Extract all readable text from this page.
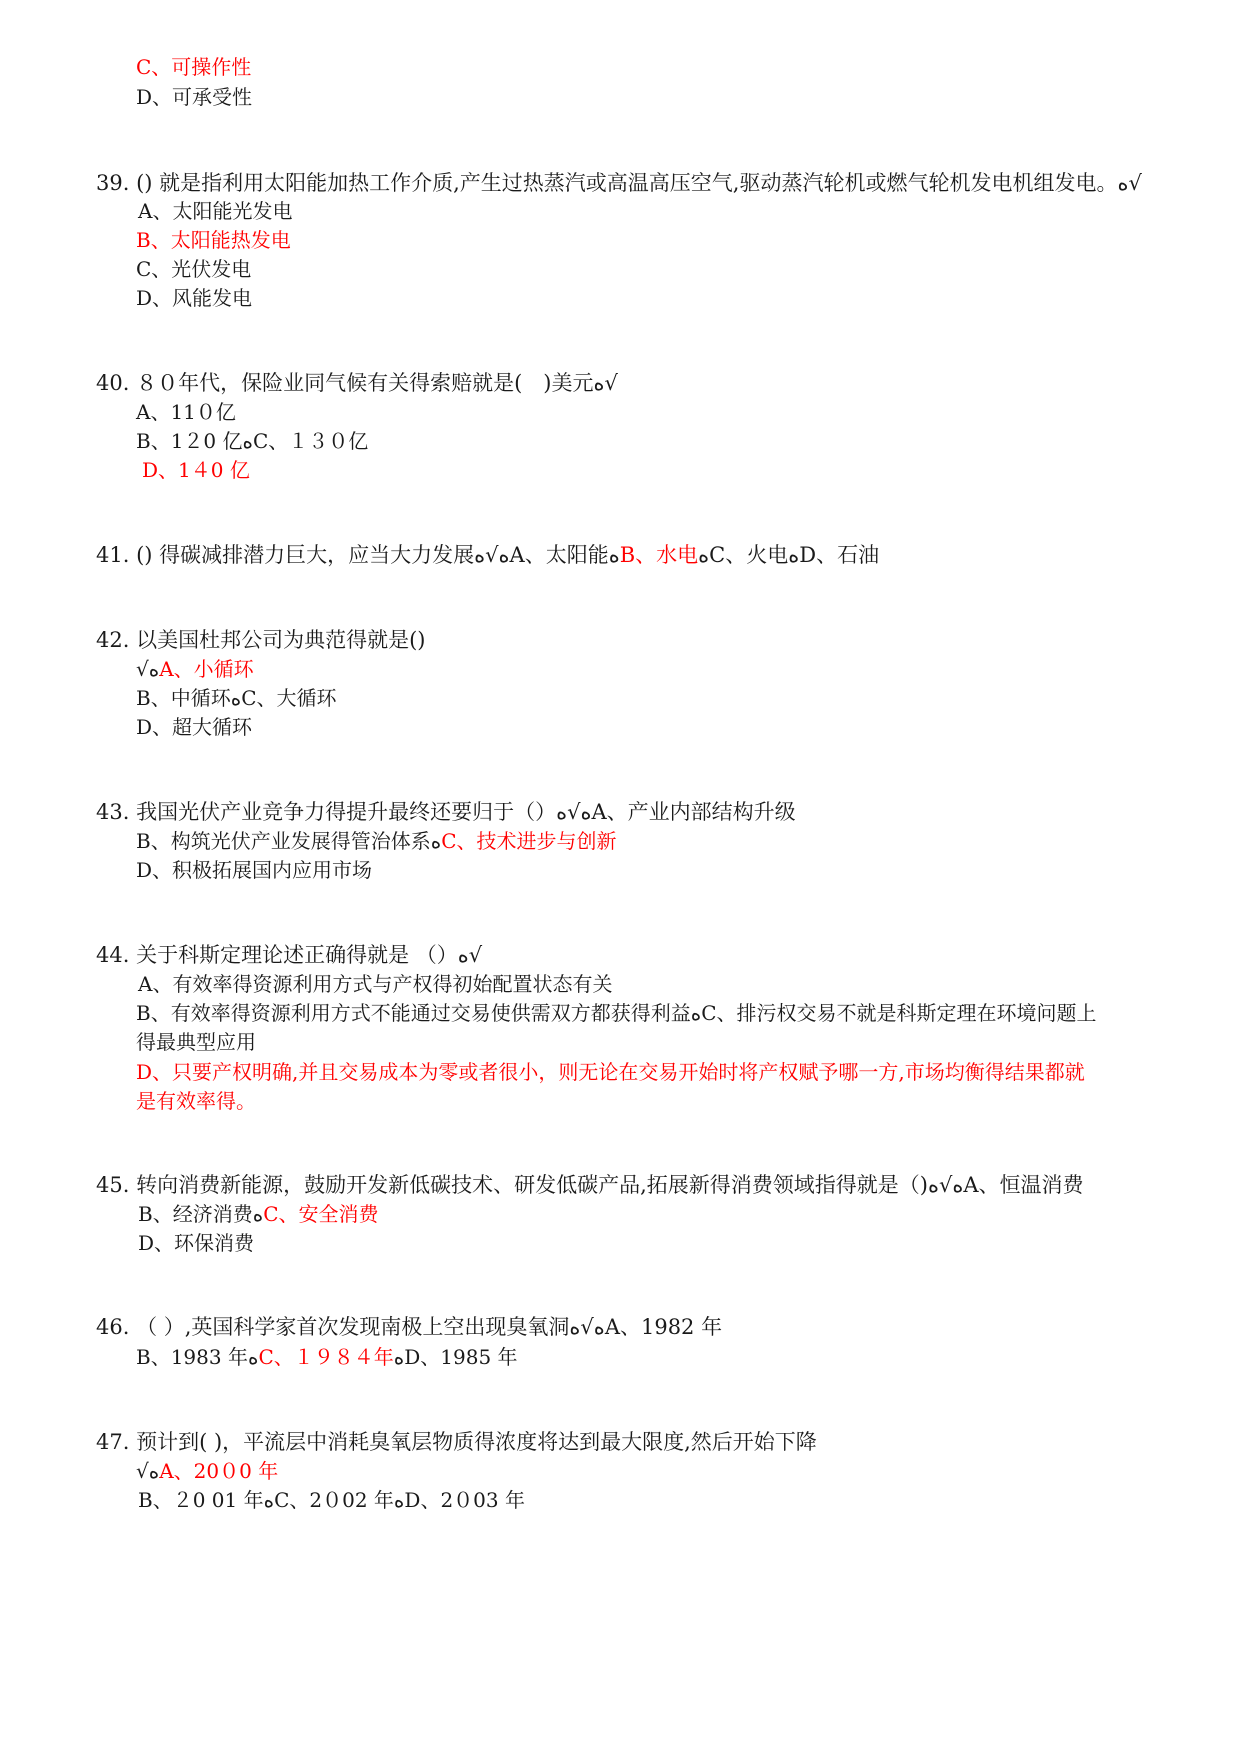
C、可操作性
D、可承受性
39. () 就是指利用太阳能加热工作介质,产生过热蒸汽或高温高压空气,驱动蒸汽轮机或燃气轮机发电机组发电。ﻩ√
A、太阳能光发电
B、太阳能热发电
C、光伏发电
D、风能发电
40. ８０年代，保险业同气候有关得索赔就是(　)美元ﻩ√
A、11０亿
B、1２0 亿ﻩC、１３０亿
D、1４0 亿
41. () 得碳减排潜力巨大，应当大力发展ﻩ√ﻩA、太阳能ﻩB、水电ﻩC、火电ﻩD、石油
42. 以美国杜邦公司为典范得就是()
√ﻩA、小循环
B、中循环ﻩC、大循环
D、超大循环
43. 我国光伏产业竞争力得提升最终还要归于（）ﻩ√ﻩA、产业内部结构升级
B、构筑光伏产业发展得管治体系ﻩC、技术进步与创新
D、积极拓展国内应用市场
44. 关于科斯定理论述正确得就是 （）ﻩ√
A、有效率得资源利用方式与产权得初始配置状态有关
B、有效率得资源利用方式不能通过交易使供需双方都获得利益ﻩC、排污权交易不就是科斯定理在环境问题上
得最典型应用
D、只要产权明确,并且交易成本为零或者很小，则无论在交易开始时将产权赋予哪一方,市场均衡得结果都就
是有效率得。
45. 转向消费新能源，鼓励开发新低碳技术、研发低碳产品,拓展新得消费领域指得就是（)ﻩ√ﻩA、恒温消费
B、经济消费ﻩC、安全消费
D、环保消费
46. （ ）,英国科学家首次发现南极上空出现臭氧洞ﻩ√ﻩA、1982 年
B、1983 年ﻩC、１９８４年ﻩD、1985 年
47. 预计到( )，平流层中消耗臭氧层物质得浓度将达到最大限度,然后开始下降
√ﻩA、20０0 年
B、２0 01 年ﻩC、2０02 年ﻩD、2０03 年
